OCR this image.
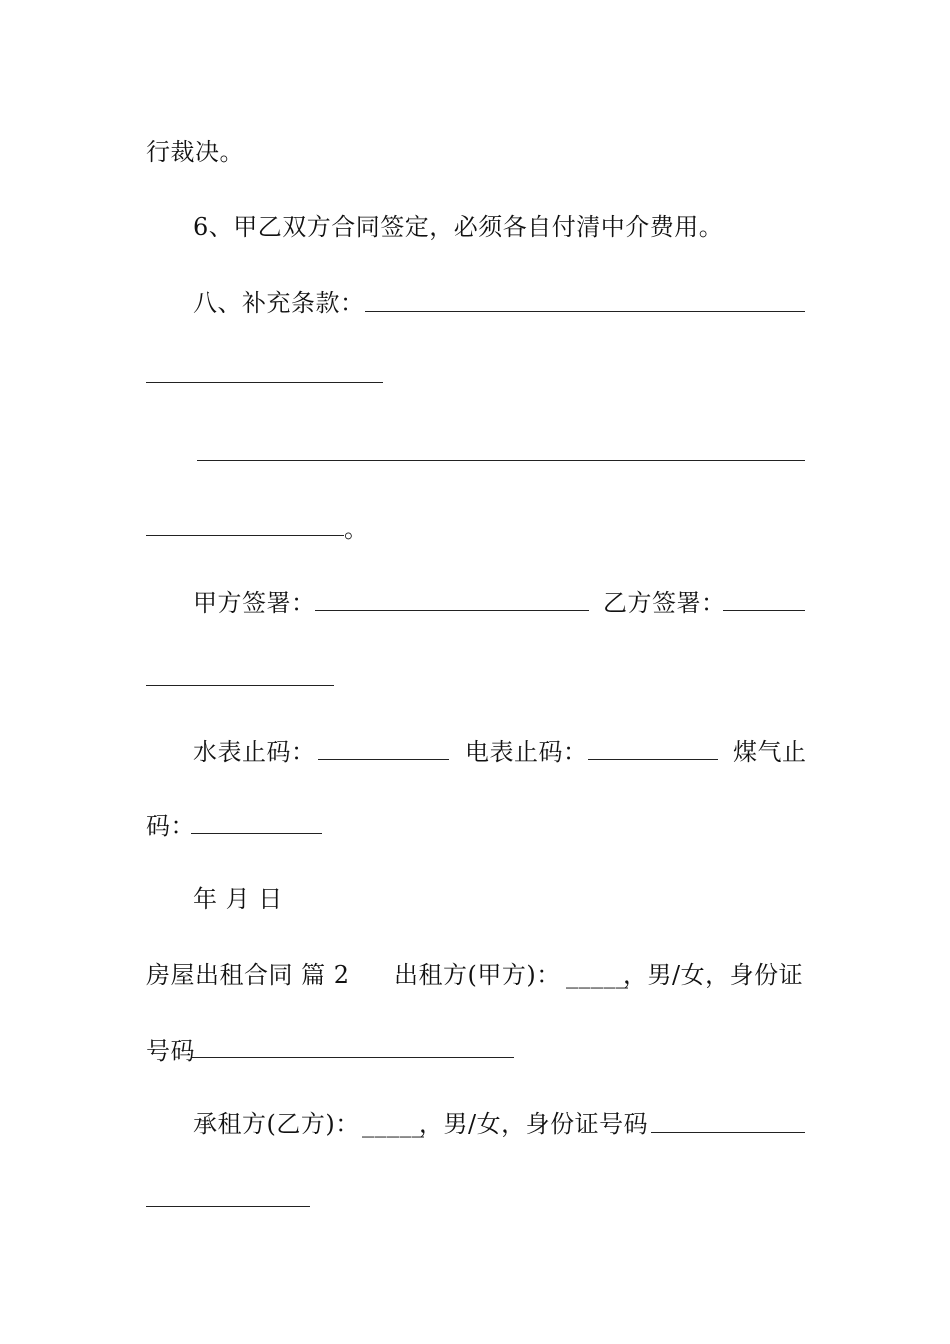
行裁决。
6、甲乙双方合同签定，必须各自付清中介费用。
八、补充条款：
。
甲方签署：	乙方签署：
水表止码：	电表止码：	煤气止
码：
年 月 日
房屋出租合同 篇 2 出租方(甲方)： _____
，男/女，身份证
号码
承租方(乙方)： _____
，男/女，身份证号码
